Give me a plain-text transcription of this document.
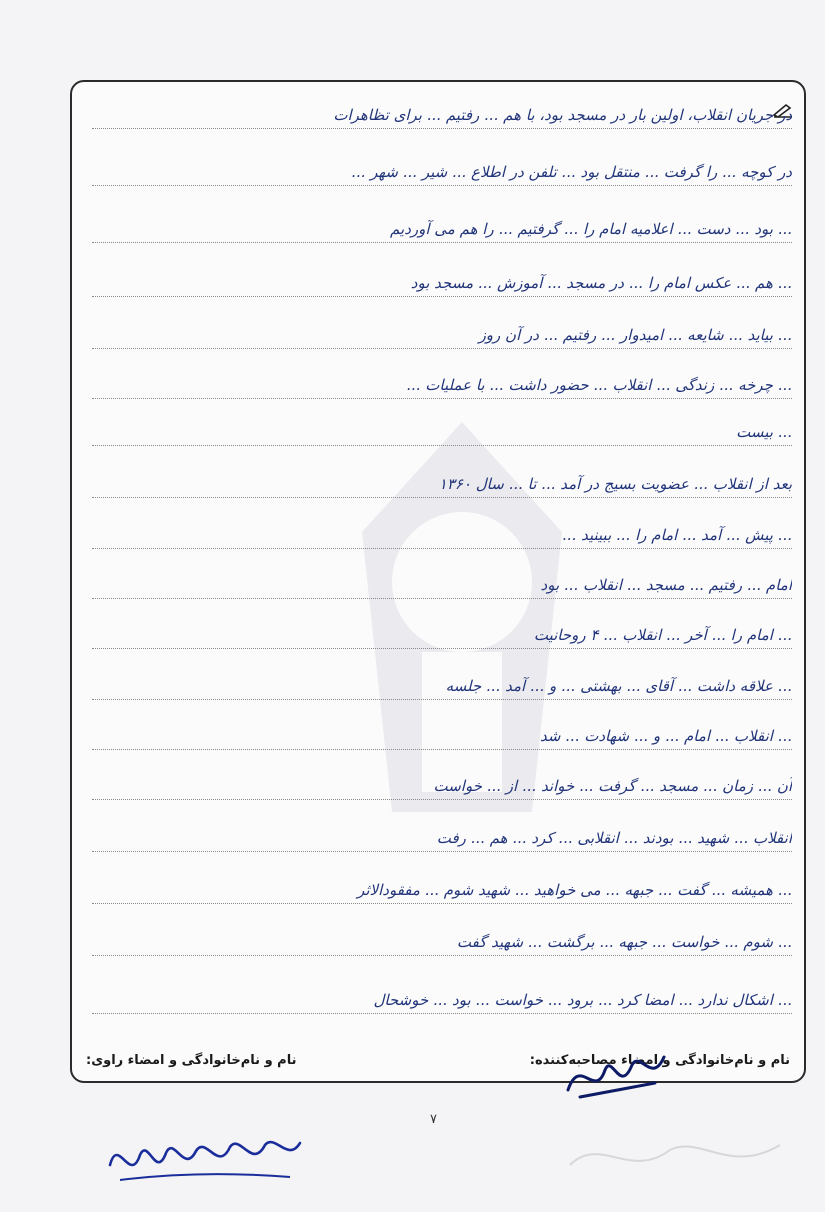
در جریان انقلاب، اولین بار در مسجد بود، با هم ... رفتیم ... برای تظاهرات
در کوچه ... را گرفت ... منتقل بود ... تلفن در اطلاع ... شیر ... شهر ...
... بود ... دست ... اعلامیه امام را ... گرفتیم ... را هم می آوردیم
... هم ... عکس امام را ... در مسجد ... آموزش ... مسجد بود
... بیاید ... شایعه ... امیدوار ... رفتیم ... در آن روز
... چرخه ... زندگی ... انقلاب ... حضور داشت ... با عملیات ...
... بیست
بعد از انقلاب ... عضویت بسیج در آمد ... تا ... سال ۱۳۶۰
... پیش ... آمد ... امام را ... ببینید ...
امام ... رفتیم ... مسجد ... انقلاب ... بود
... امام را ... آخر ... انقلاب ... ۴ روحانیت
... علاقه داشت ... آقای ... بهشتی ... و ... آمد ... جلسه
... انقلاب ... امام ... و ... شهادت ... شد
آن ... زمان ... مسجد ... گرفت ... خواند ... از ... خواست
انقلاب ... شهید ... بودند ... انقلابی ... کرد ... هم ... رفت
... همیشه ... گفت ... جبهه ... می خواهید ... شهید شوم ... مفقودالاثر
... شوم ... خواست ... جبهه ... برگشت ... شهید گفت
... اشکال ندارد ... امضا کرد ... برود ... خواست ... بود ... خوشحال
نام و نام‌خانوادگی و امضاء مصاحبه‌کننده:
نام و نام‌خانوادگی و امضاء راوی:
۷
